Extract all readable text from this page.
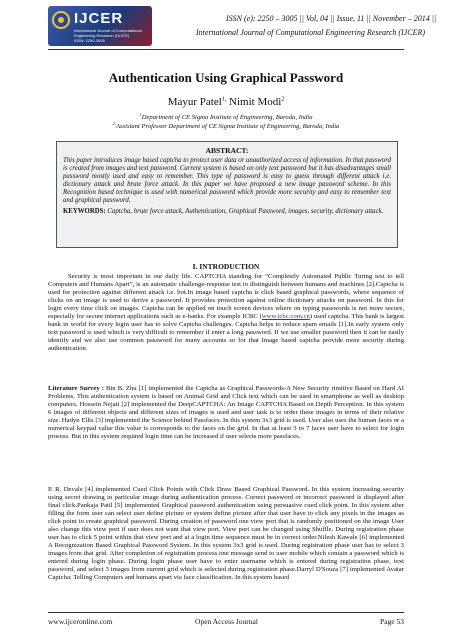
IJCER
International Journal of Computational
Engineering Research (IJCER)
ISSN: 2250-3005
ISSN (e): 2250 – 3005 || Vol, 04 || Issue, 11 || November – 2014 ||
International Journal of Computational Engineering Research (IJCER)
Authentication Using Graphical Password
Mayur Patel$^{1,}$ Nimit Modi$^2$
$^1$Department of CE Sigma Institute of Engineering, Baroda, India
$^{2,}$Assistant Professor Department of CE Sigma Institute of Engineering, Baroda, India
ABSTRACT:
This paper introduces image based captcha to protect user data or unauthorized access of information. In that password is created from images and text password. Current system is based on only text password but it has disadvantages small password mostly used and easy to remember. This type of password is easy to guess through different attack i.e. dictionary attack and brute force attack. In this paper we have proposed a new image password scheme. In this Recognition based technique is used with numerical password which provide more security and easy to remember text and graphical password.
KEYWORDS: Captcha, brute force attack, Authentication, Graphical Password, images, security, dictionary attack.
I. INTRODUCTION
Security is most important in our daily life. CAPTCHA standing for “Completely Automated Public Turing test to tell Computers and Humans Apart”, is an automatic challenge-response test to distinguish between humans and machines [2].Captcha is used for protection against different attack i.e. bot.In image based captcha is click based graphical passwords, where sequence of clicks on an image is used to derive a password. It provides protection against online dictionary attacks on password. In this for login every time click on images. Captcha can be applied on touch screen devices where on typing passwords is not more secure, especially for secure internet applications such as e-banks. For example ICBC (www.icbc.com.cn) used captcha. This bank is largest bank in world for every login user has to solve Captcha challenges. Captcha helps to reduce spam emails [1].In early system only text password is used which is very difficult to remember if enter a long password. If we use smaller password then it can be easily identify and we also use common password for many accounts so for that Image based captcha provide more security during authentication.
Literature Survey : Bin B. Zhu [1] implemented the Captcha as Graphical Passwords-A New Security rimitive Based on Hard AI Problems. This authentication system is based on Animal Grid and Click text which can be used in smartphone as well as desktop computers. Hossein Nejati [2] implemented the DeepCAPTCHA: An Image CAPTCHA Based on Depth Perception. In this system 6 images of different objects and different sizes of images is used and user task is to order these images in terms of their relative size. Hadyn Ellis [3] implemented the Science behind Passfaces. In this system 3x3 grid is used. User also uses the human faces or a numerical keypad value this value is corresponds to the faces on the grid. In that at least 3 to 7 faces user have to select for login process. But in this system required login time can be increased if user selects more passfaces.
P. R. Devale [4] implemented Cued Click Points with Click Draw Based Graphical Password. In this system increasing security using secret drawing in particular image during authentication process. Correct password or incorrect password is displayed after final click.Pankaja Patil [5] implemented Graphical password authentication using persuasive cued click point. In this system after filling the form user can select user define picture or system define picture after that user have to click any pixels in the images as click point to create graphical password. During creation of password one view port that is randomly positioned on the image User also change this view port if user does not want that view port. View port can be changed using Shuffle. During registration phase user has to click 5 point within that view port and at a login time sequence must be in correct order.Nilesh Kawale [6] implemented A Recognization Based Graphical Password System. In this system 3x3 grid is used. During registration phase user has to select 3 images from that grid. After completion of registration process one message send to user mobile which contain a password which is entered during login phase. During login phase user have to enter username which is entered during registration phase, text password, and select 3 images from current grid which is selected during registration phase.Darryl D'Souza [7] implemented Avatar Captcha: Telling Computers and humans apart via face classification. In this system based
www.ijceronline.com	Open Access Journal	Page 53
